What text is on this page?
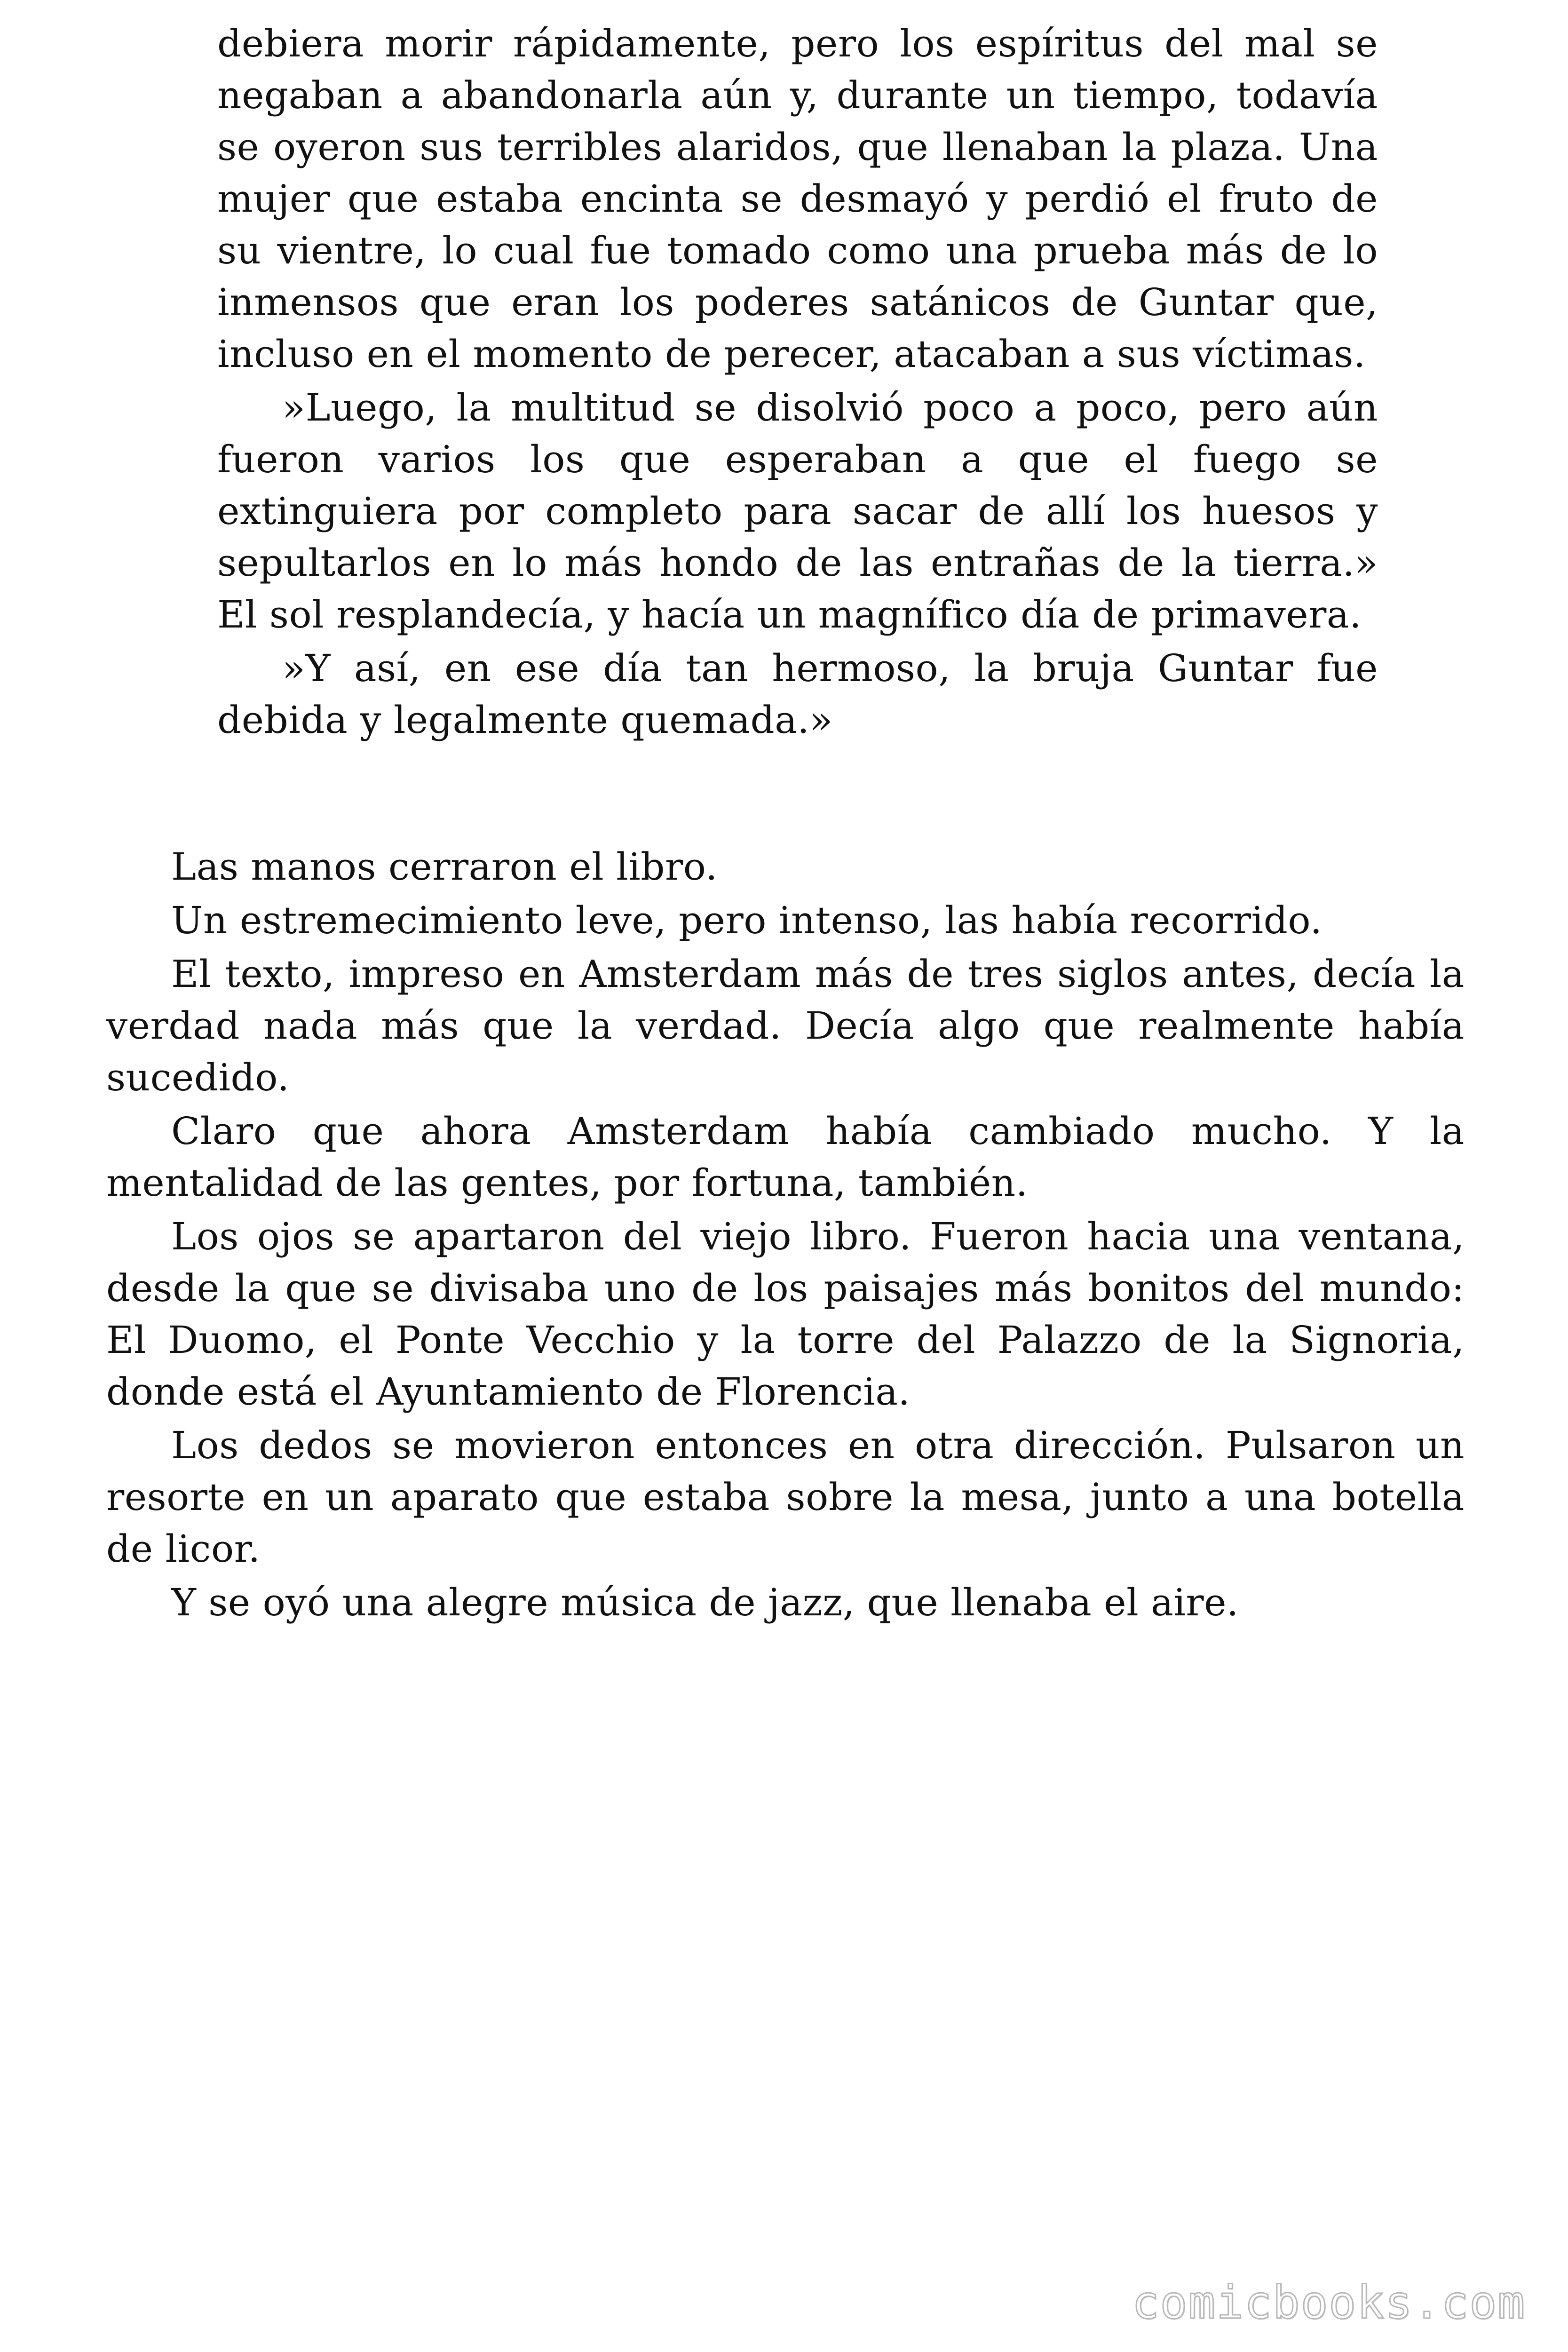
debiera morir rápidamente, pero los espíritus del mal se negaban a abandonarla aún y, durante un tiempo, todavía se oyeron sus terribles alaridos, que llenaban la plaza. Una mujer que estaba encinta se desmayó y perdió el fruto de su vientre, lo cual fue tomado como una prueba más de lo inmensos que eran los poderes satánicos de Guntar que, incluso en el momento de perecer, atacaban a sus víctimas.

»Luego, la multitud se disolvió poco a poco, pero aún fueron varios los que esperaban a que el fuego se extinguiera por completo para sacar de allí los huesos y sepultarlos en lo más hondo de las entrañas de la tierra.» El sol resplandecía, y hacía un magnífico día de primavera.

»Y así, en ese día tan hermoso, la bruja Guntar fue debida y legalmente quemada.»

Las manos cerraron el libro.

Un estremecimiento leve, pero intenso, las había recorrido.

El texto, impreso en Amsterdam más de tres siglos antes, decía la verdad nada más que la verdad. Decía algo que realmente había sucedido.

Claro que ahora Amsterdam había cambiado mucho. Y la mentalidad de las gentes, por fortuna, también.

Los ojos se apartaron del viejo libro. Fueron hacia una ventana, desde la que se divisaba uno de los paisajes más bonitos del mundo: El Duomo, el Ponte Vecchio y la torre del Palazzo de la Signoria, donde está el Ayuntamiento de Florencia.

Los dedos se movieron entonces en otra dirección. Pulsaron un resorte en un aparato que estaba sobre la mesa, junto a una botella de licor.

Y se oyó una alegre música de jazz, que llenaba el aire.

comicbooks.com
